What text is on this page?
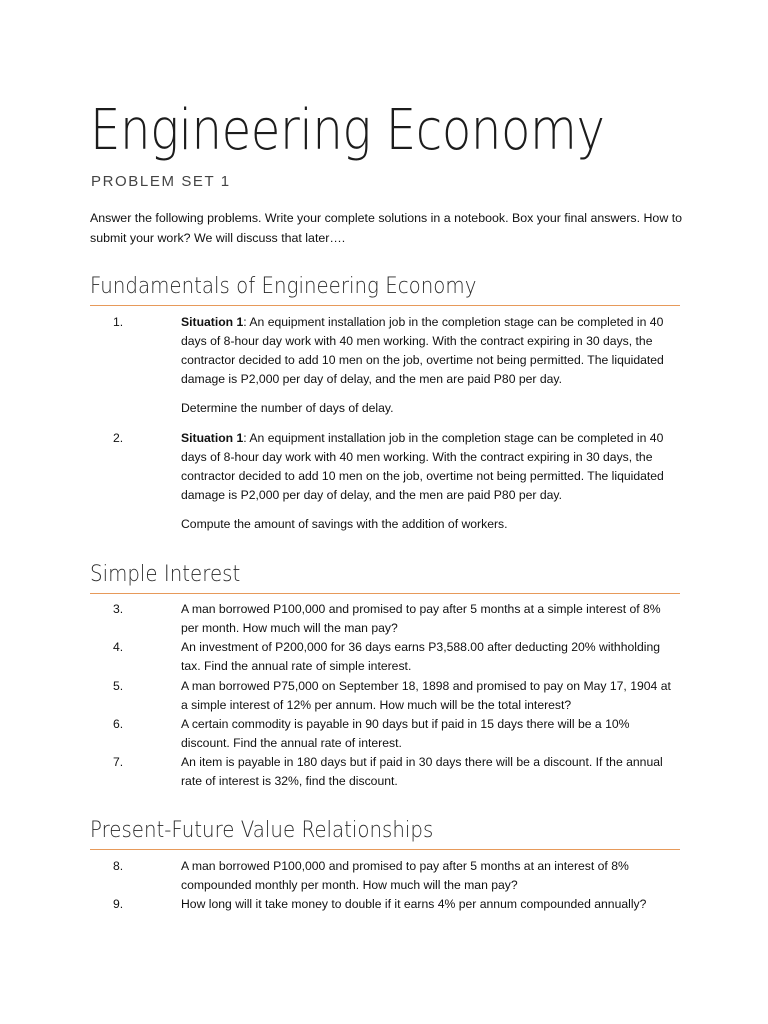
Engineering Economy
PROBLEM SET 1
Answer the following problems. Write your complete solutions in a notebook. Box your final answers. How to submit your work? We will discuss that later….
Fundamentals of Engineering Economy
1.	Situation 1: An equipment installation job in the completion stage can be completed in 40 days of 8-hour day work with 40 men working. With the contract expiring in 30 days, the contractor decided to add 10 men on the job, overtime not being permitted. The liquidated damage is P2,000 per day of delay, and the men are paid P80 per day.
Determine the number of days of delay.
2.	Situation 1: An equipment installation job in the completion stage can be completed in 40 days of 8-hour day work with 40 men working. With the contract expiring in 30 days, the contractor decided to add 10 men on the job, overtime not being permitted. The liquidated damage is P2,000 per day of delay, and the men are paid P80 per day.
Compute the amount of savings with the addition of workers.
Simple Interest
3.	A man borrowed P100,000 and promised to pay after 5 months at a simple interest of 8% per month. How much will the man pay?
4.	An investment of P200,000 for 36 days earns P3,588.00 after deducting 20% withholding tax. Find the annual rate of simple interest.
5.	A man borrowed P75,000 on September 18, 1898 and promised to pay on May 17, 1904 at a simple interest of 12% per annum. How much will be the total interest?
6.	A certain commodity is payable in 90 days but if paid in 15 days there will be a 10% discount. Find the annual rate of interest.
7.	An item is payable in 180 days but if paid in 30 days there will be a discount. If the annual rate of interest is 32%, find the discount.
Present-Future Value Relationships
8.	A man borrowed P100,000 and promised to pay after 5 months at an interest of 8% compounded monthly per month. How much will the man pay?
9.	How long will it take money to double if it earns 4% per annum compounded annually?
